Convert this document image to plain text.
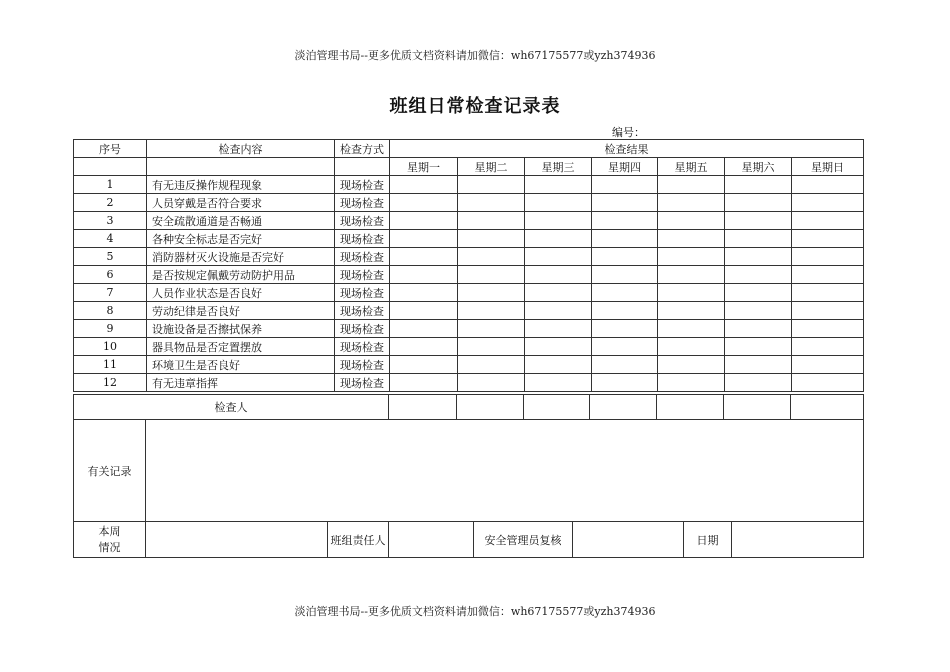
淡泊管理书局--更多优质文档资料请加微信：wh67175577或yzh374936
班组日常检查记录表
编号：
序号	检查内容	检查方式	检查结果						
			星期一	星期二	星期三	星期四	星期五	星期六	星期日
1	有无违反操作规程现象	现场检查							
2	人员穿戴是否符合要求	现场检查							
3	安全疏散通道是否畅通	现场检查							
4	各种安全标志是否完好	现场检查							
5	消防器材灭火设施是否完好	现场检查							
6	是否按规定佩戴劳动防护用品	现场检查							
7	人员作业状态是否良好	现场检查							
8	劳动纪律是否良好	现场检查							
9	设施设备是否擦拭保养	现场检查							
10	器具物品是否定置摆放	现场检查							
11	环境卫生是否良好	现场检查							
12	有无违章指挥	现场检查							
检查人							

有关记录							
本周情况		班组责任人		安全管理员复核		日期	
淡泊管理书局--更多优质文档资料请加微信：wh67175577或yzh374936
